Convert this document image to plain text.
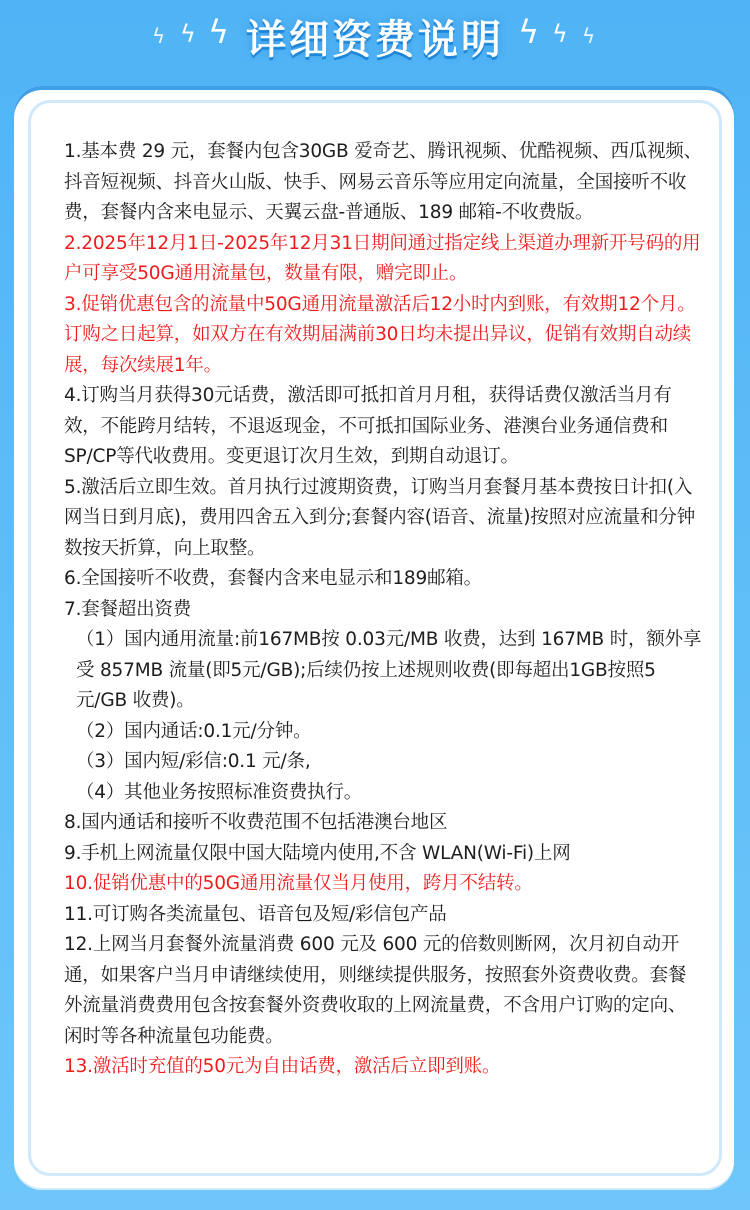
ϟ ϟ ϟ 详细资费说明 ϟ ϟ ϟ

1.基本费 29 元，套餐内包含30GB 爱奇艺、腾讯视频、优酷视频、西瓜视频、抖音短视频、抖音火山版、快手、网易云音乐等应用定向流量，全国接听不收费，套餐内含来电显示、天翼云盘-普通版、189 邮箱-不收费版。

2.2025年12月1日-2025年12月31日期间通过指定线上渠道办理新开号码的用户可享受50G通用流量包，数量有限，赠完即止。

3.促销优惠包含的流量中50G通用流量激活后12小时内到账，有效期12个月。订购之日起算，如双方在有效期届满前30日均未提出异议，促销有效期自动续展，每次续展1年。

4.订购当月获得30元话费，激活即可抵扣首月月租，获得话费仅激活当月有效，不能跨月结转，不退返现金，不可抵扣国际业务、港澳台业务通信费和 SP/CP等代收费用。变更退订次月生效，到期自动退订。

5.激活后立即生效。首月执行过渡期资费，订购当月套餐月基本费按日计扣(入网当日到月底)，费用四舍五入到分;套餐内容(语音、流量)按照对应流量和分钟数按天折算，向上取整。

6.全国接听不收费，套餐内含来电显示和189邮箱。

7.套餐超出资费

（1）国内通用流量:前167MB按 0.03元/MB 收费，达到 167MB 时，额外享受 857MB 流量(即5元/GB);后续仍按上述规则收费(即每超出1GB按照5元/GB 收费)。

（2）国内通话:0.1元/分钟。

（3）国内短/彩信:0.1 元/条,

（4）其他业务按照标准资费执行。

8.国内通话和接听不收费范围不包括港澳台地区

9.手机上网流量仅限中国大陆境内使用,不含 WLAN(Wi-Fi)上网

10.促销优惠中的50G通用流量仅当月使用，跨月不结转。

11.可订购各类流量包、语音包及短/彩信包产品

12.上网当月套餐外流量消费 600 元及 600 元的倍数则断网，次月初自动开通，如果客户当月申请继续使用，则继续提供服务，按照套外资费收费。套餐外流量消费费用包含按套餐外资费收取的上网流量费，不含用户订购的定向、闲时等各种流量包功能费。

13.激活时充值的50元为自由话费，激活后立即到账。
